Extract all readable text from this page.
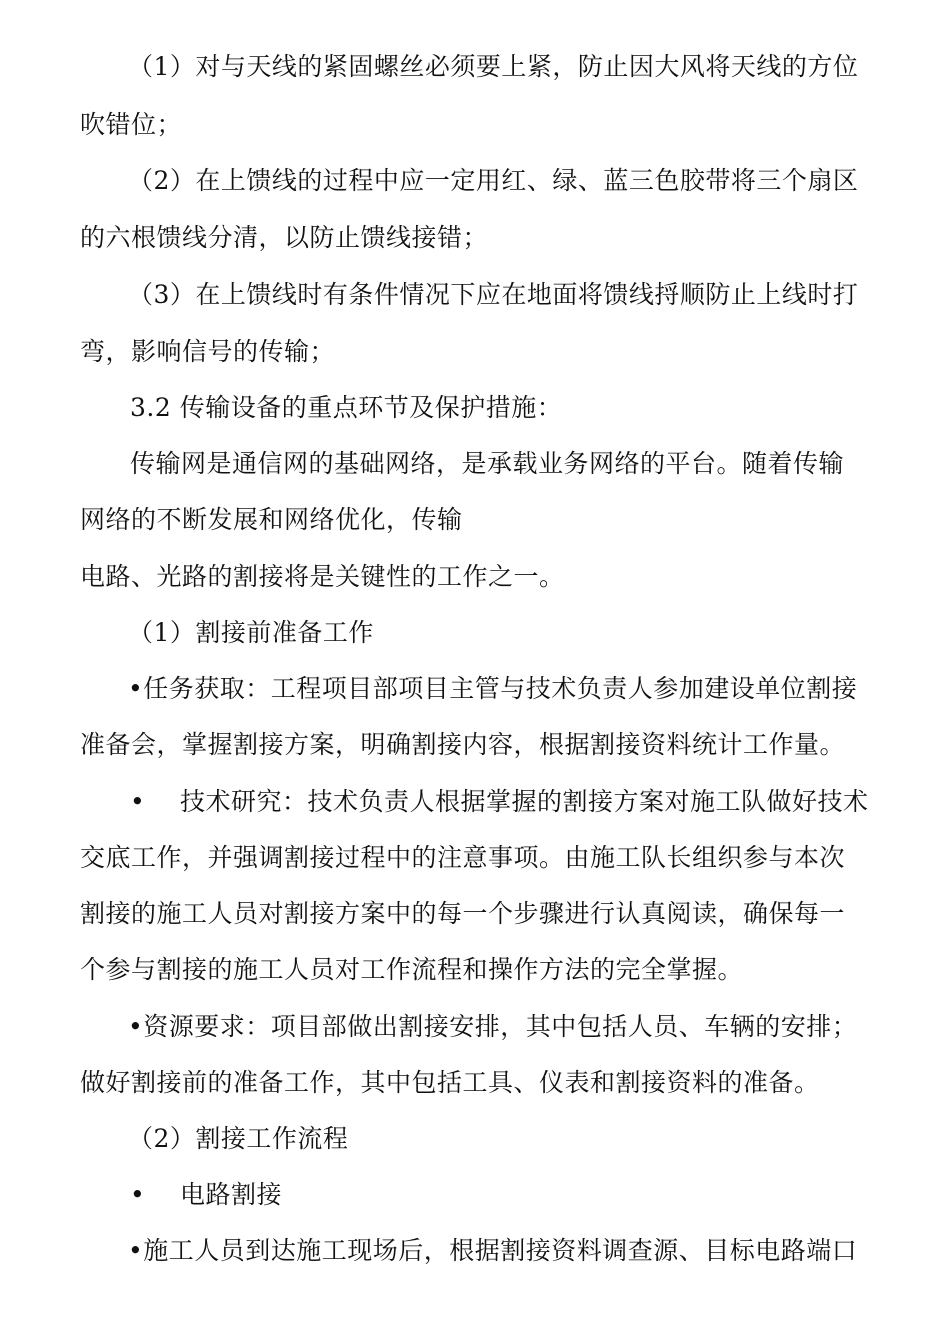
（1）对与天线的紧固螺丝必须要上紧，防止因大风将天线的方位
吹错位；
（2）在上馈线的过程中应一定用红、绿、蓝三色胶带将三个扇区
的六根馈线分清，以防止馈线接错；
（3）在上馈线时有条件情况下应在地面将馈线捋顺防止上线时打
弯，影响信号的传输；
3.2 传输设备的重点环节及保护措施：
传输网是通信网的基础网络，是承载业务网络的平台。随着传输
网络的不断发展和网络优化，传输
电路、光路的割接将是关键性的工作之一。
（1）割接前准备工作
•任务获取：工程项目部项目主管与技术负责人参加建设单位割接
准备会，掌握割接方案，明确割接内容，根据割接资料统计工作量。
• 技术研究：技术负责人根据掌握的割接方案对施工队做好技术
交底工作，并强调割接过程中的注意事项。由施工队长组织参与本次
割接的施工人员对割接方案中的每一个步骤进行认真阅读，确保每一
个参与割接的施工人员对工作流程和操作方法的完全掌握。
•资源要求：项目部做出割接安排，其中包括人员、车辆的安排；
做好割接前的准备工作，其中包括工具、仪表和割接资料的准备。
（2）割接工作流程
• 电路割接
•施工人员到达施工现场后，根据割接资料调查源、目标电路端口
